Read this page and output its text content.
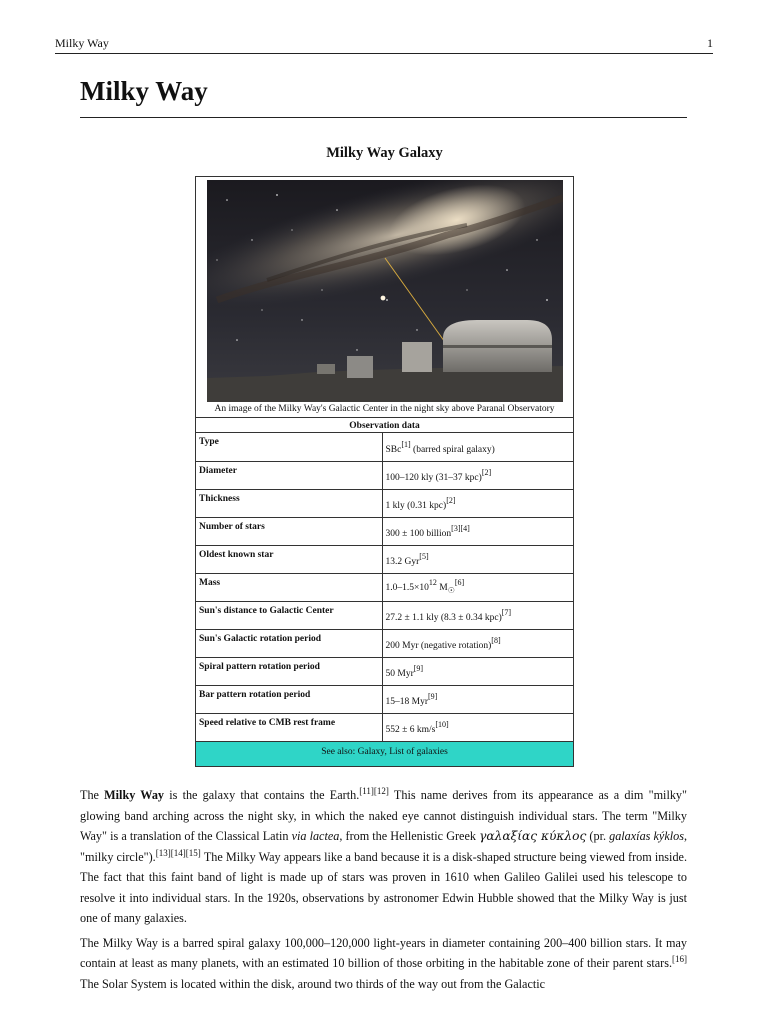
Milky Way	1
Milky Way
Milky Way Galaxy
An image of the Milky Way's Galactic Center in the night sky above Paranal Observatory
Observation data
Type	SBc[1] (barred spiral galaxy)
Diameter	100–120 kly (31–37 kpc)[2]
Thickness	1 kly (0.31 kpc)[2]
Number of stars	300 ± 100 billion[3][4]
Oldest known star	13.2 Gyr[5]
Mass	$1.0-1.5\times 10^{12}$ $M_☉[6]$
Sun's distance to Galactic Center	27.2 ± 1.1 kly (8.3 ± 0.34 kpc)[7]
Sun's Galactic rotation period	200 Myr (negative rotation)[8]
Spiral pattern rotation period	50 Myr[9]
Bar pattern rotation period	15–18 Myr[9]
Speed relative to CMB rest frame	552 ± 6 km/s[10]
See also: Galaxy, List of galaxies

The Milky Way is the galaxy that contains the Earth.[11][12] This name derives from its appearance as a dim "milky" glowing band arching across the night sky, in which the naked eye cannot distinguish individual stars. The term "Milky Way" is a translation of the Classical Latin via lactea, from the Hellenistic Greek γαλαξίας κύκλος (pr. galaxías kýklos, "milky circle").[13][14][15] The Milky Way appears like a band because it is a disk-shaped structure being viewed from inside. The fact that this faint band of light is made up of stars was proven in 1610 when Galileo Galilei used his telescope to resolve it into individual stars. In the 1920s, observations by astronomer Edwin Hubble showed that the Milky Way is just one of many galaxies.

The Milky Way is a barred spiral galaxy 100,000–120,000 light-years in diameter containing 200–400 billion stars. It may contain at least as many planets, with an estimated 10 billion of those orbiting in the habitable zone of their parent stars.[16] The Solar System is located within the disk, around two thirds of the way out from the Galactic
